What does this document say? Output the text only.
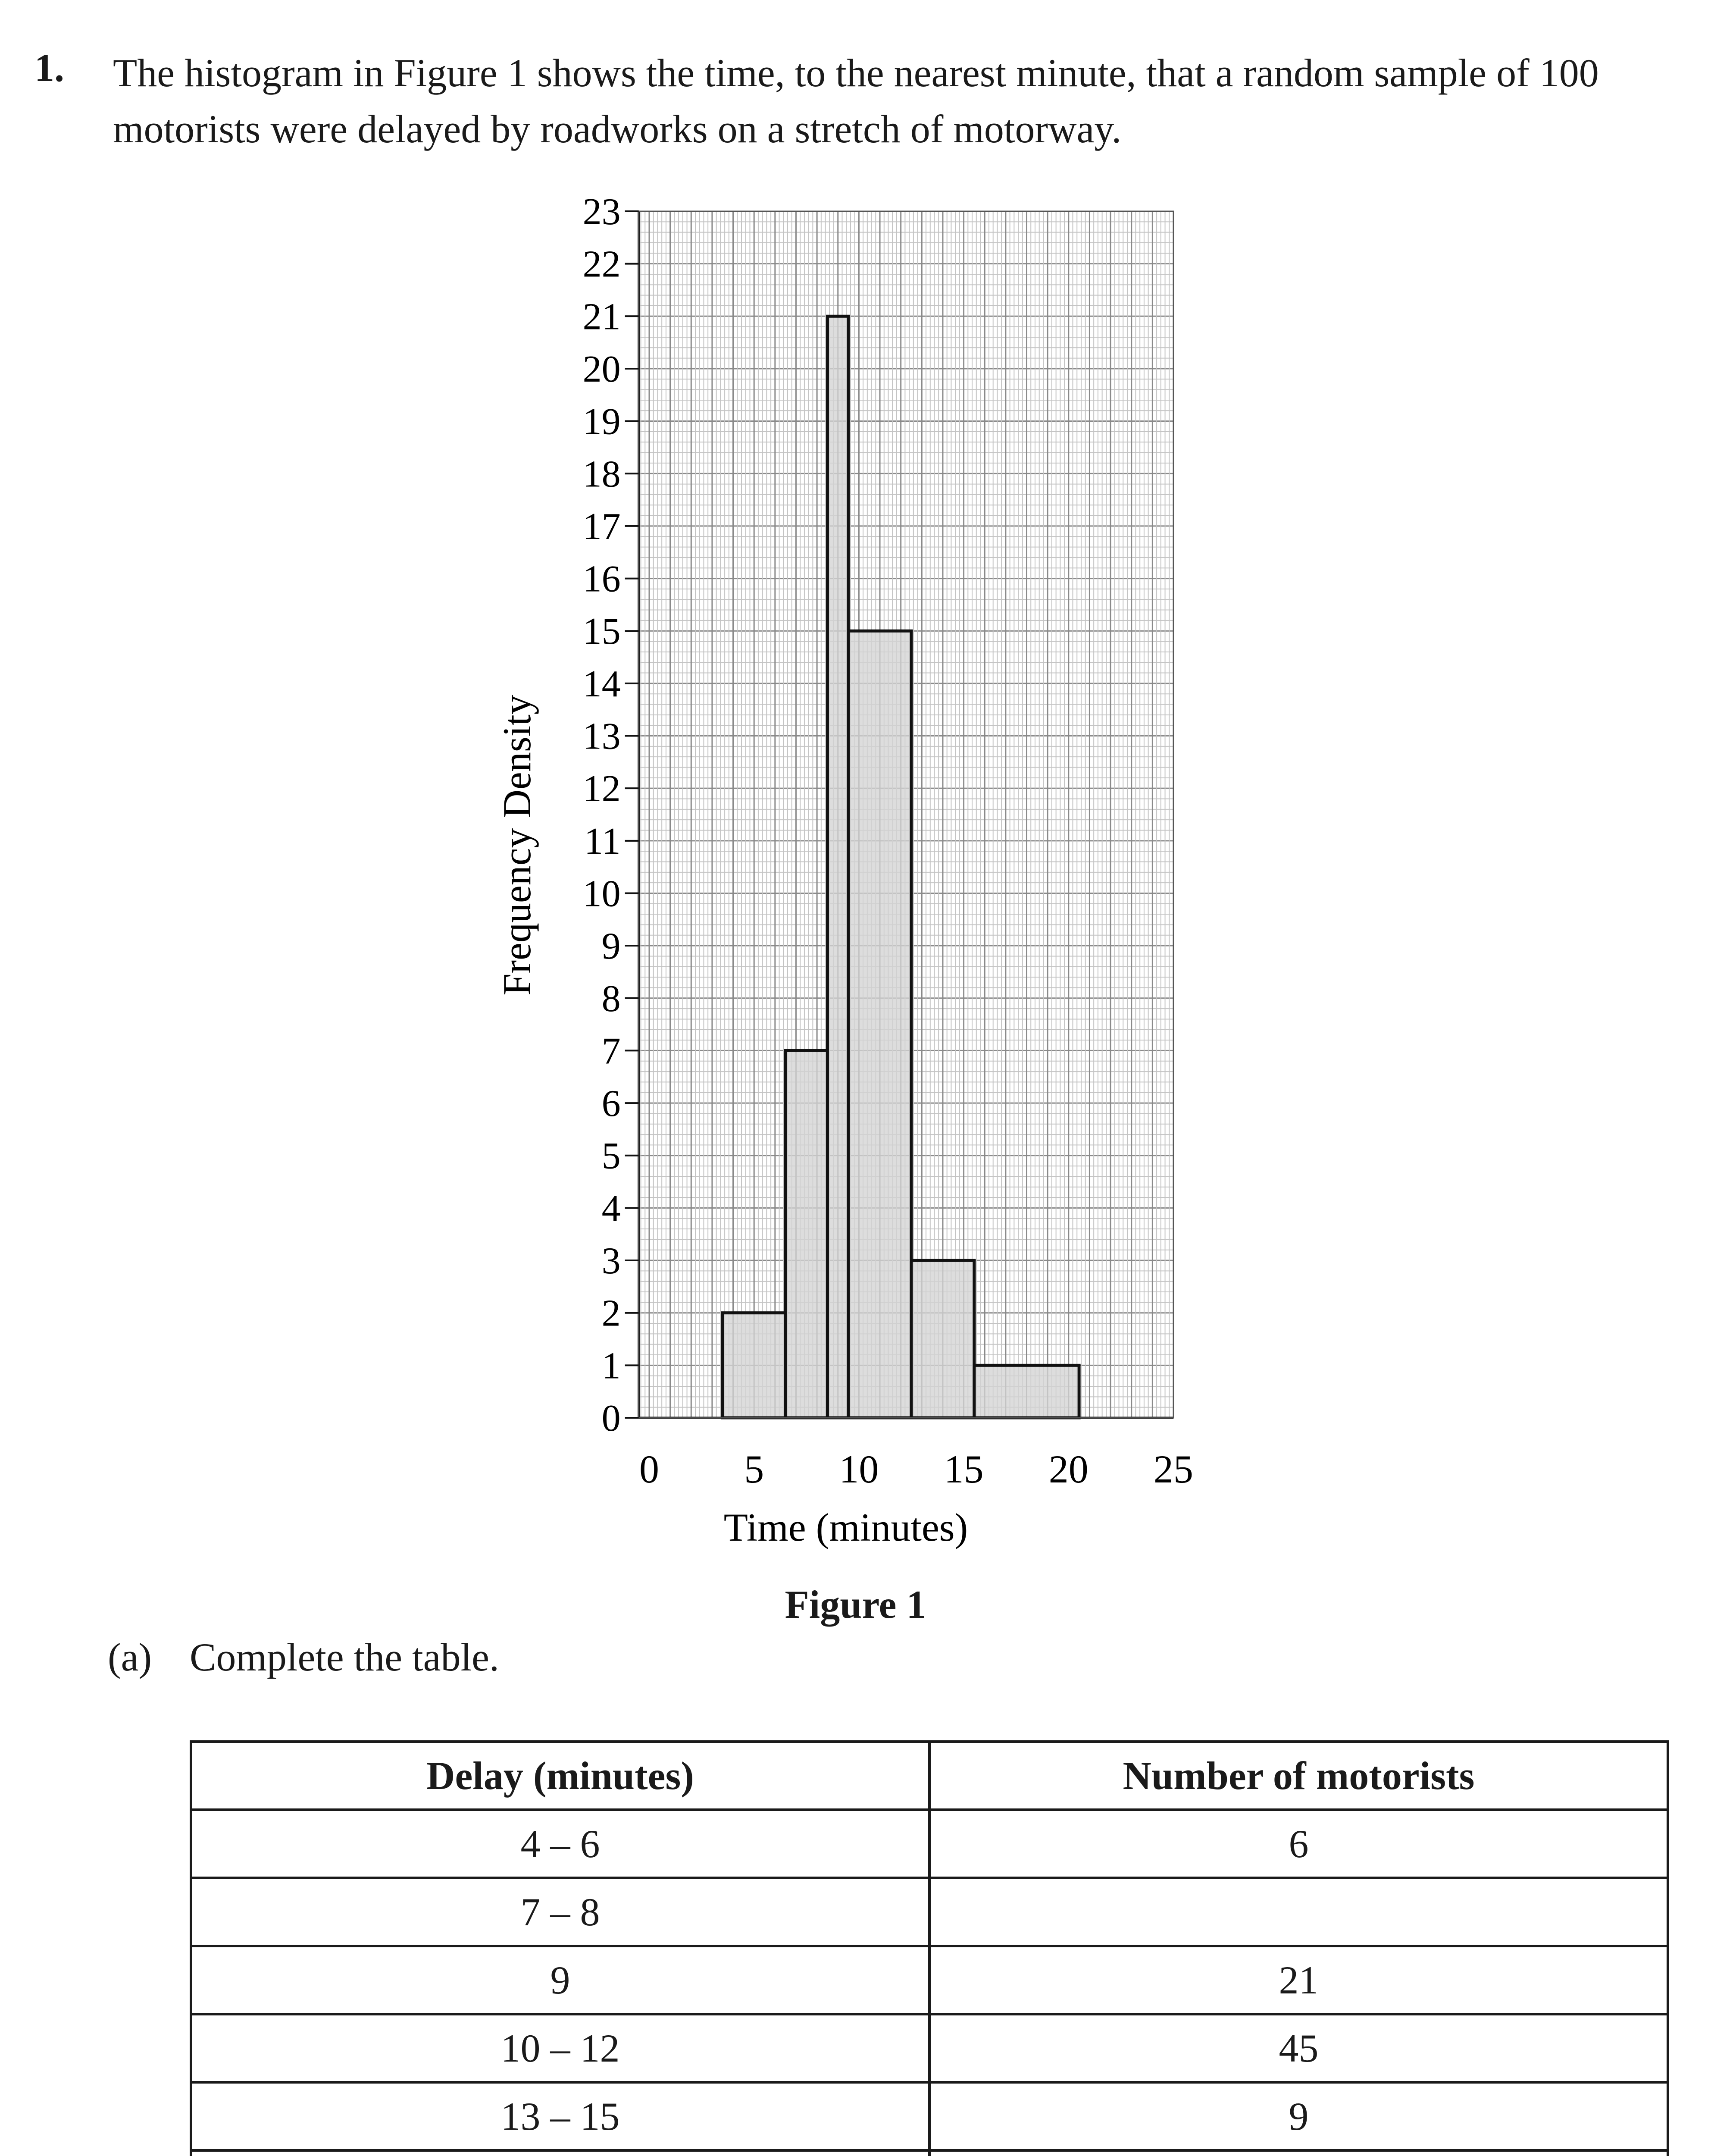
1. The histogram in Figure 1 shows the time, to the nearest minute, that a random sample of 100 motorists were delayed by roadworks on a stretch of motorway.
0
1
2
3
4
5
6
7
8
9
10
11
12
13
14
15
16
17
18
19
20
21
22
23
0 5 10 15 20 25
Time (minutes)
Frequency Density
Figure 1
(a) Complete the table.
Delay (minutes)	Number of motorists
4 – 6	6
7 – 8	
9	21
10 – 12	45
13 – 15	9
